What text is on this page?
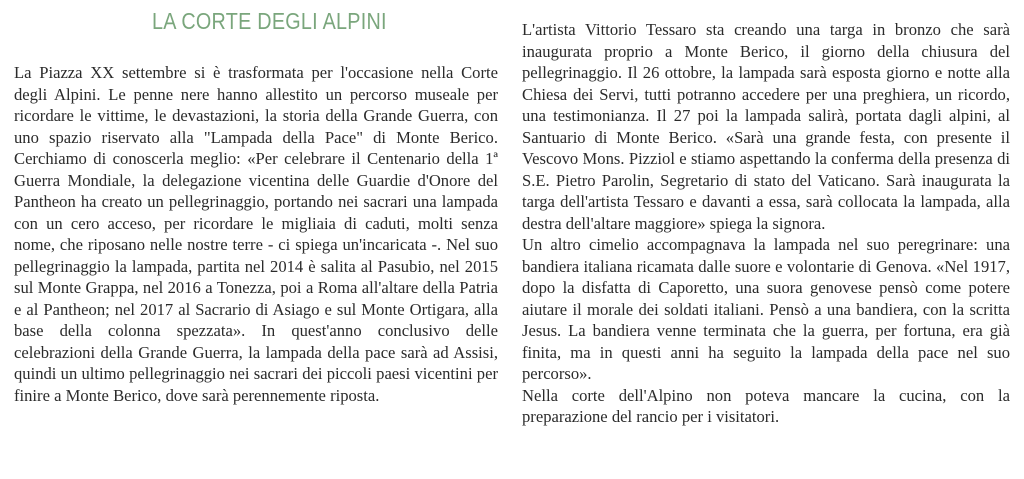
LA CORTE DEGLI ALPINI

La Piazza XX settembre si è trasformata per l'occasione nella Corte degli Alpini. Le penne nere hanno allestito un percorso museale per ricordare le vittime, le devastazioni, la storia della Grande Guerra, con uno spazio riservato alla "Lampada della Pace" di Monte Berico. Cerchiamo di conoscerla meglio: «Per celebrare il Centenario della 1ª Guerra Mondiale, la delegazione vicentina delle Guardie d'Onore del Pantheon ha creato un pellegrinaggio, portando nei sacrari una lampada con un cero acceso, per ricordare le migliaia di caduti, molti senza nome, che riposano nelle nostre terre - ci spiega un'incaricata -. Nel suo pellegrinaggio la lampada, partita nel 2014 è salita al Pasubio, nel 2015 sul Monte Grappa, nel 2016 a Tonezza, poi a Roma all'altare della Patria e al Pantheon; nel 2017 al Sacrario di Asiago e sul Monte Ortigara, alla base della colonna spezzata». In quest'anno conclusivo delle celebrazioni della Grande Guerra, la lampada della pace sarà ad Assisi, quindi un ultimo pellegrinaggio nei sacrari dei piccoli paesi vicentini per finire a Monte Berico, dove sarà perennemente riposta.

L'artista Vittorio Tessaro sta creando una targa in bronzo che sarà inaugurata proprio a Monte Berico, il giorno della chiusura del pellegrinaggio. Il 26 ottobre, la lampada sarà esposta giorno e notte alla Chiesa dei Servi, tutti potranno accedere per una preghiera, un ricordo, una testimonianza. Il 27 poi la lampada salirà, portata dagli alpini, al Santuario di Monte Berico. «Sarà una grande festa, con presente il Vescovo Mons. Pizziol e stiamo aspettando la conferma della presenza di S.E. Pietro Parolin, Segretario di stato del Vaticano. Sarà inaugurata la targa dell'artista Tessaro e davanti a essa, sarà collocata la lampada, alla destra dell'altare maggiore» spiega la signora.

Un altro cimelio accompagnava la lampada nel suo peregrinare: una bandiera italiana ricamata dalle suore e volontarie di Genova. «Nel 1917, dopo la disfatta di Caporetto, una suora genovese pensò come potere aiutare il morale dei soldati italiani. Pensò a una bandiera, con la scritta Jesus. La bandiera venne terminata che la guerra, per fortuna, era già finita, ma in questi anni ha seguito la lampada della pace nel suo percorso».

Nella corte dell'Alpino non poteva mancare la cucina, con la preparazione del rancio per i visitatori.
